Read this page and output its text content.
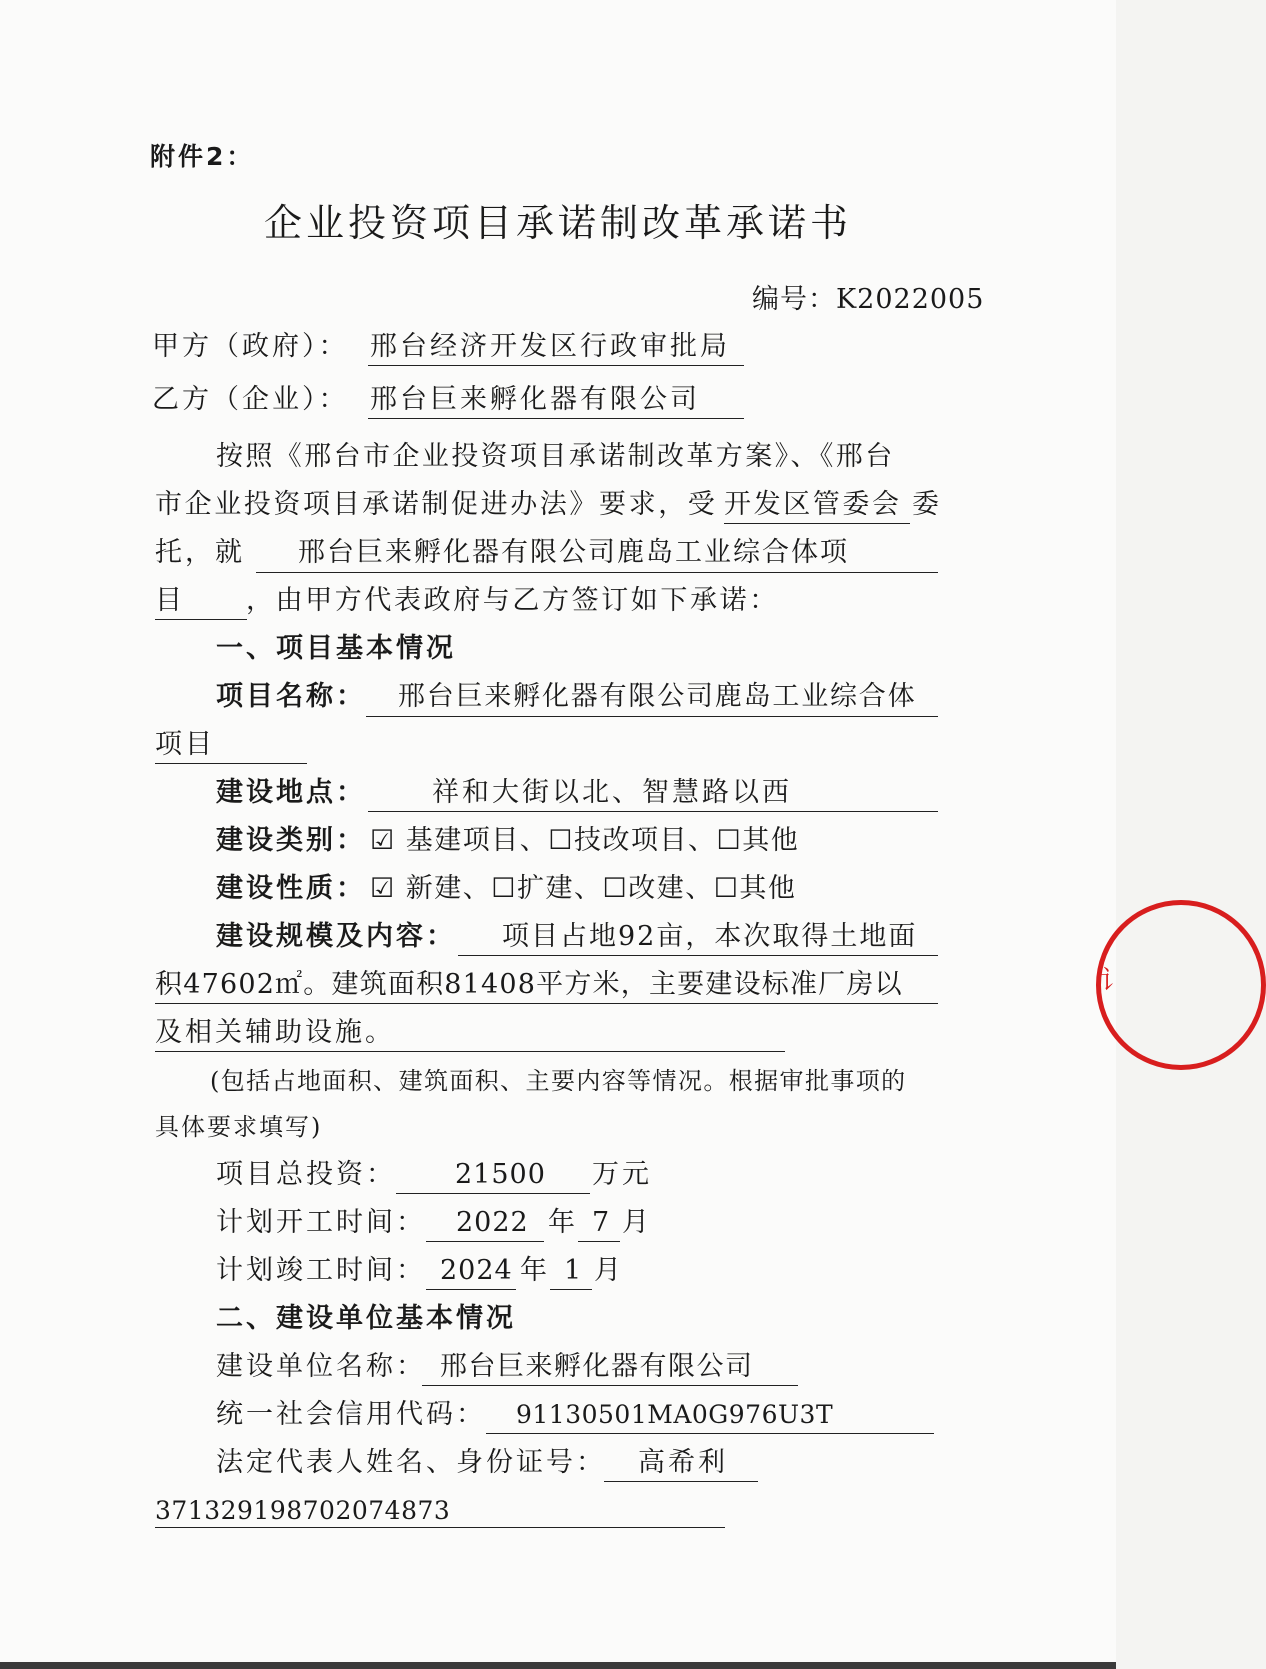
附件2：
企业投资项目承诺制改革承诺书
编号：K2022005
甲方（政府）： 邢台经济开发区行政审批局
乙方（企业）： 邢台巨来孵化器有限公司
按照《邢台市企业投资项目承诺制改革方案》、《邢台
市企业投资项目承诺制促进办法》要求，受 开发区管委会 委
托，就 邢台巨来孵化器有限公司鹿岛工业综合体项
目 ，由甲方代表政府与乙方签订如下承诺：
一、项目基本情况
项目名称： 邢台巨来孵化器有限公司鹿岛工业综合体
项目
建设地点： 祥和大街以北、智慧路以西
建设类别： ☑ 基建项目、☐技改项目、☐其他
建设性质： ☑ 新建、☐扩建、☐改建、☐其他
建设规模及内容： 项目占地92亩，本次取得土地面
积47602㎡。建筑面积81408平方米，主要建设标准厂房以
及相关辅助设施。
(包括占地面积、建筑面积、主要内容等情况。根据审批事项的
具体要求填写)
项目总投资： 21500 万元
计划开工时间： 2022 年 7 月
计划竣工时间： 2024 年 1 月
二、建设单位基本情况
建设单位名称： 邢台巨来孵化器有限公司
统一社会信用代码： 91130501MA0G976U3T
法定代表人姓名、身份证号： 高希利
371329198702074873
讠
